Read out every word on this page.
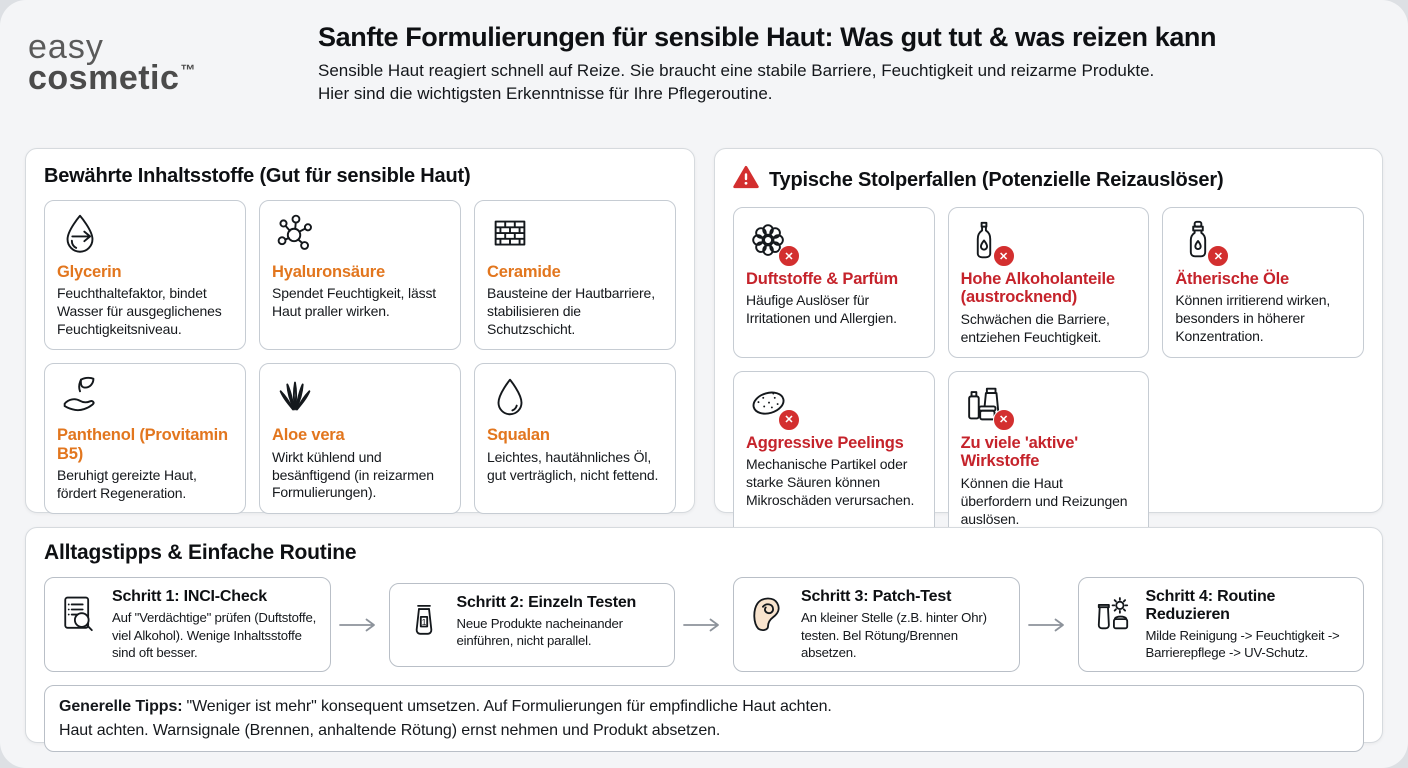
easy
cosmetic™
Sanfte Formulierungen für sensible Haut: Was gut tut & was reizen kann

Sensible Haut reagiert schnell auf Reize. Sie braucht eine stabile Barriere, Feuchtigkeit und reizarme Produkte.
Hier sind die wichtigsten Erkenntnisse für Ihre Pflegeroutine.

Bewährte Inhaltsstoffe (Gut für sensible Haut)
Glycerin

Feuchthaltefaktor, bindet Wasser für ausgeglichenes Feuchtigkeitsniveau.

Hyaluronsäure

Spendet Feuchtigkeit, lässt Haut praller wirken.

Ceramide

Bausteine der Hautbarriere, stabilisieren die Schutzschicht.

Panthenol (Provitamin B5)

Beruhigt gereizte Haut, fördert Regeneration.

Aloe vera

Wirkt kühlend und besänftigend (in reizarmen Formulierungen).

Squalan

Leichtes, hautähnliches Öl, gut verträglich, nicht fettend.

Typische Stolperfallen (Potenzielle Reizauslöser)
✕
Duftstoffe & Parfüm

Häufige Auslöser für Irritationen und Allergien.

✕
Hohe Alkoholanteile (austrocknend)

Schwächen die Barriere, entziehen Feuchtigkeit.

✕
Ätherische Öle

Können irritierend wirken, besonders in höherer Konzentration.

✕
Aggressive Peelings

Mechanische Partikel oder starke Säuren können Mikroschäden verursachen.

✕
Zu viele 'aktive' Wirkstoffe

Können die Haut überfordern und Reizungen auslösen.

Alltagstipps & Einfache Routine
Schritt 1: INCI-Check

Auf "Verdächtige" prüfen (Duftstoffe, viel Alkohol). Wenige Inhaltsstoffe sind oft besser.

1
Schritt 2: Einzeln Testen

Neue Produkte nacheinander einführen, nicht parallel.

Schritt 3: Patch-Test

An kleiner Stelle (z.B. hinter Ohr) testen. Bel Rötung/Brennen absetzen.

Schritt 4: Routine Reduzieren

Milde Reinigung -> Feuchtigkeit -> Barrierepflege -> UV-Schutz.

Generelle Tipps: "Weniger ist mehr" konsequent umsetzen. Auf Formulierungen für empfindliche Haut achten.
Haut achten. Warnsignale (Brennen, anhaltende Rötung) ernst nehmen und Produkt absetzen.
